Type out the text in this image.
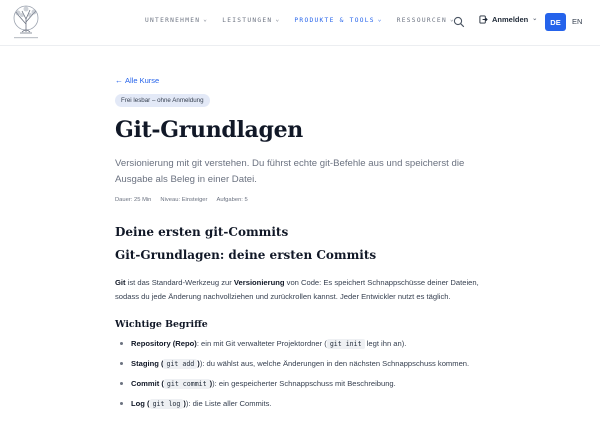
UNTERNEHMEN ⌄ LEISTUNGEN ⌄ PRODUKTE & TOOLS ⌄ RESSOURCEN ⌄	Anmelden ⌄	DE	EN
← Alle Kurse
Frei lesbar – ohne Anmeldung
Git-Grundlagen

Versionierung mit git verstehen. Du führst echte git-Befehle aus und speicherst die Ausgabe als Beleg in einer Datei.

Dauer: 25 Min Niveau: Einsteiger Aufgaben: 5
Deine ersten git-Commits
Git-Grundlagen: deine ersten Commits

Git ist das Standard-Werkzeug zur Versionierung von Code: Es speichert Schnappschüsse deiner Dateien, sodass du jede Änderung nachvollziehen und zurückrollen kannst. Jeder Entwickler nutzt es täglich.

Wichtige Begriffe
Repository (Repo): ein mit Git verwalteter Projektordner ( git init legt ihn an).
Staging ( git add )): du wählst aus, welche Änderungen in den nächsten Schnappschuss kommen.
Commit ( git commit )): ein gespeicherter Schnappschuss mit Beschreibung.
Log ( git log )): die Liste aller Commits.
